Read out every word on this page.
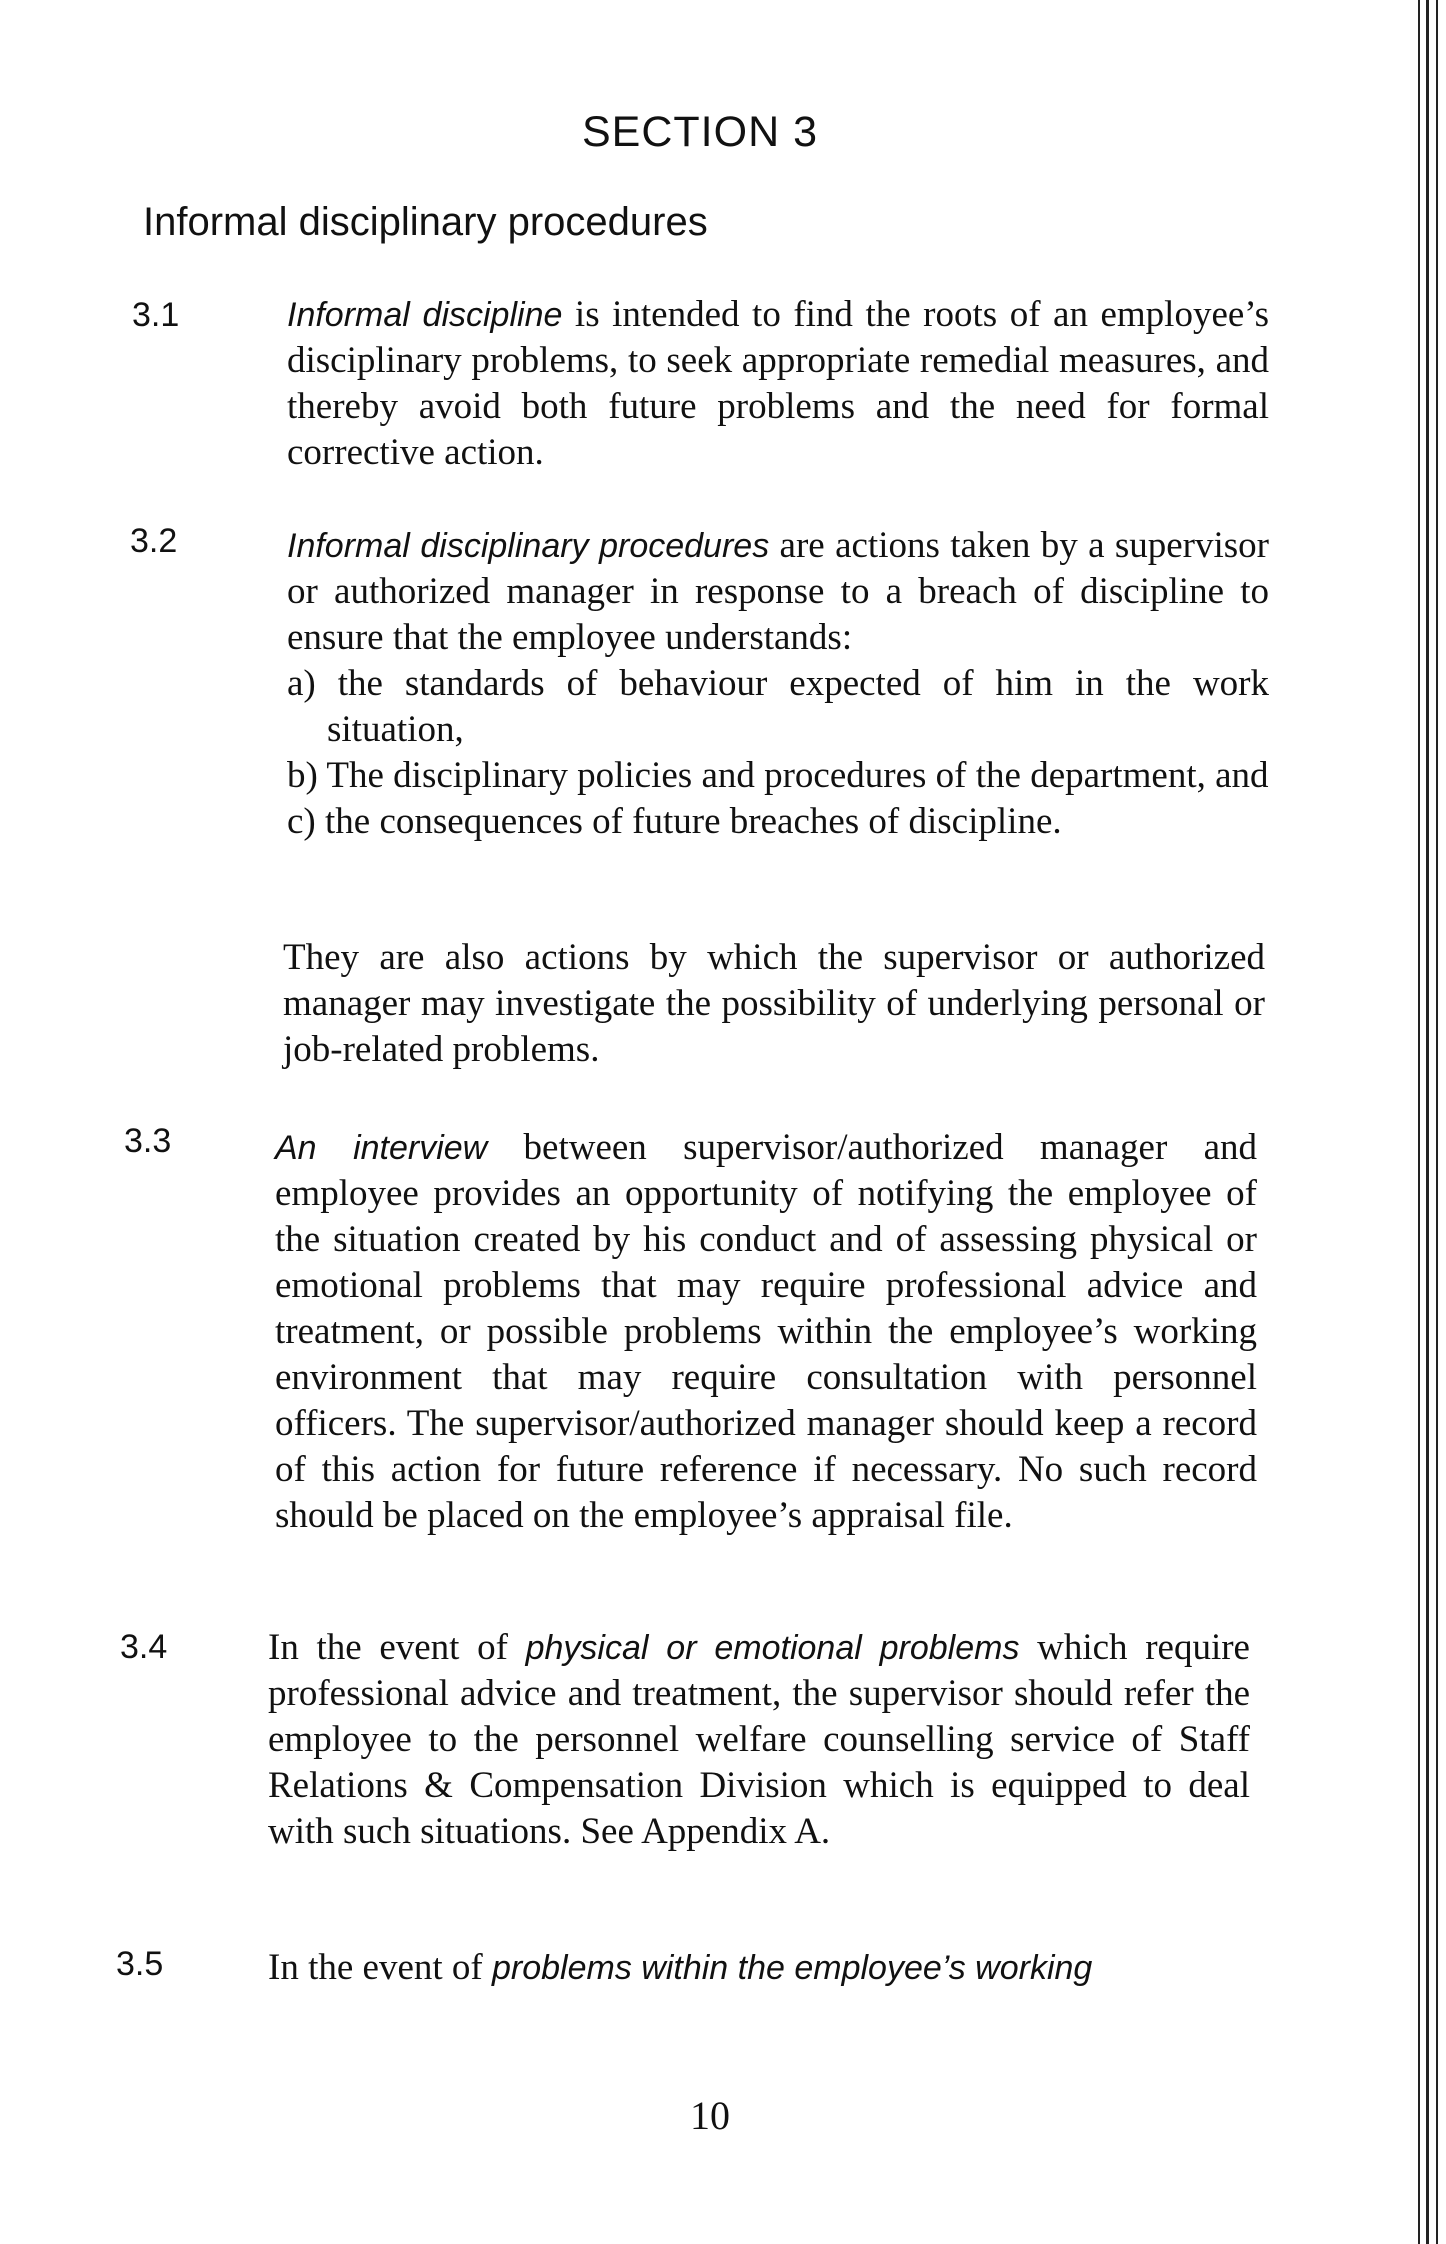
SECTION 3
Informal disciplinary procedures
3.1	Informal discipline is intended to find the roots of an employee’s disciplinary problems, to seek appropriate remedial measures, and thereby avoid both future problems and the need for formal corrective action.
3.2	Informal disciplinary procedures are actions taken by a supervisor or authorized manager in response to a breach of discipline to ensure that the employee understands:
a) the standards of behaviour expected of him in the work situation,
b) The disciplinary policies and procedures of the department, and
c) the consequences of future breaches of discipline.
They are also actions by which the supervisor or authorized manager may investigate the possibility of underlying personal or job-related problems.
3.3	An interview between supervisor/authorized manager and employee provides an opportunity of notifying the employee of the situation created by his conduct and of assessing physical or emotional problems that may require professional advice and treatment, or possible problems within the employee’s working environment that may require consultation with personnel officers. The supervisor/authorized manager should keep a record of this action for future reference if necessary. No such record should be placed on the employee’s appraisal file.
3.4	In the event of physical or emotional problems which require professional advice and treatment, the supervisor should refer the employee to the personnel welfare counselling service of Staff Relations & Compensation Division which is equipped to deal with such situations. See Appendix A.
3.5	In the event of problems within the employee’s working
10
